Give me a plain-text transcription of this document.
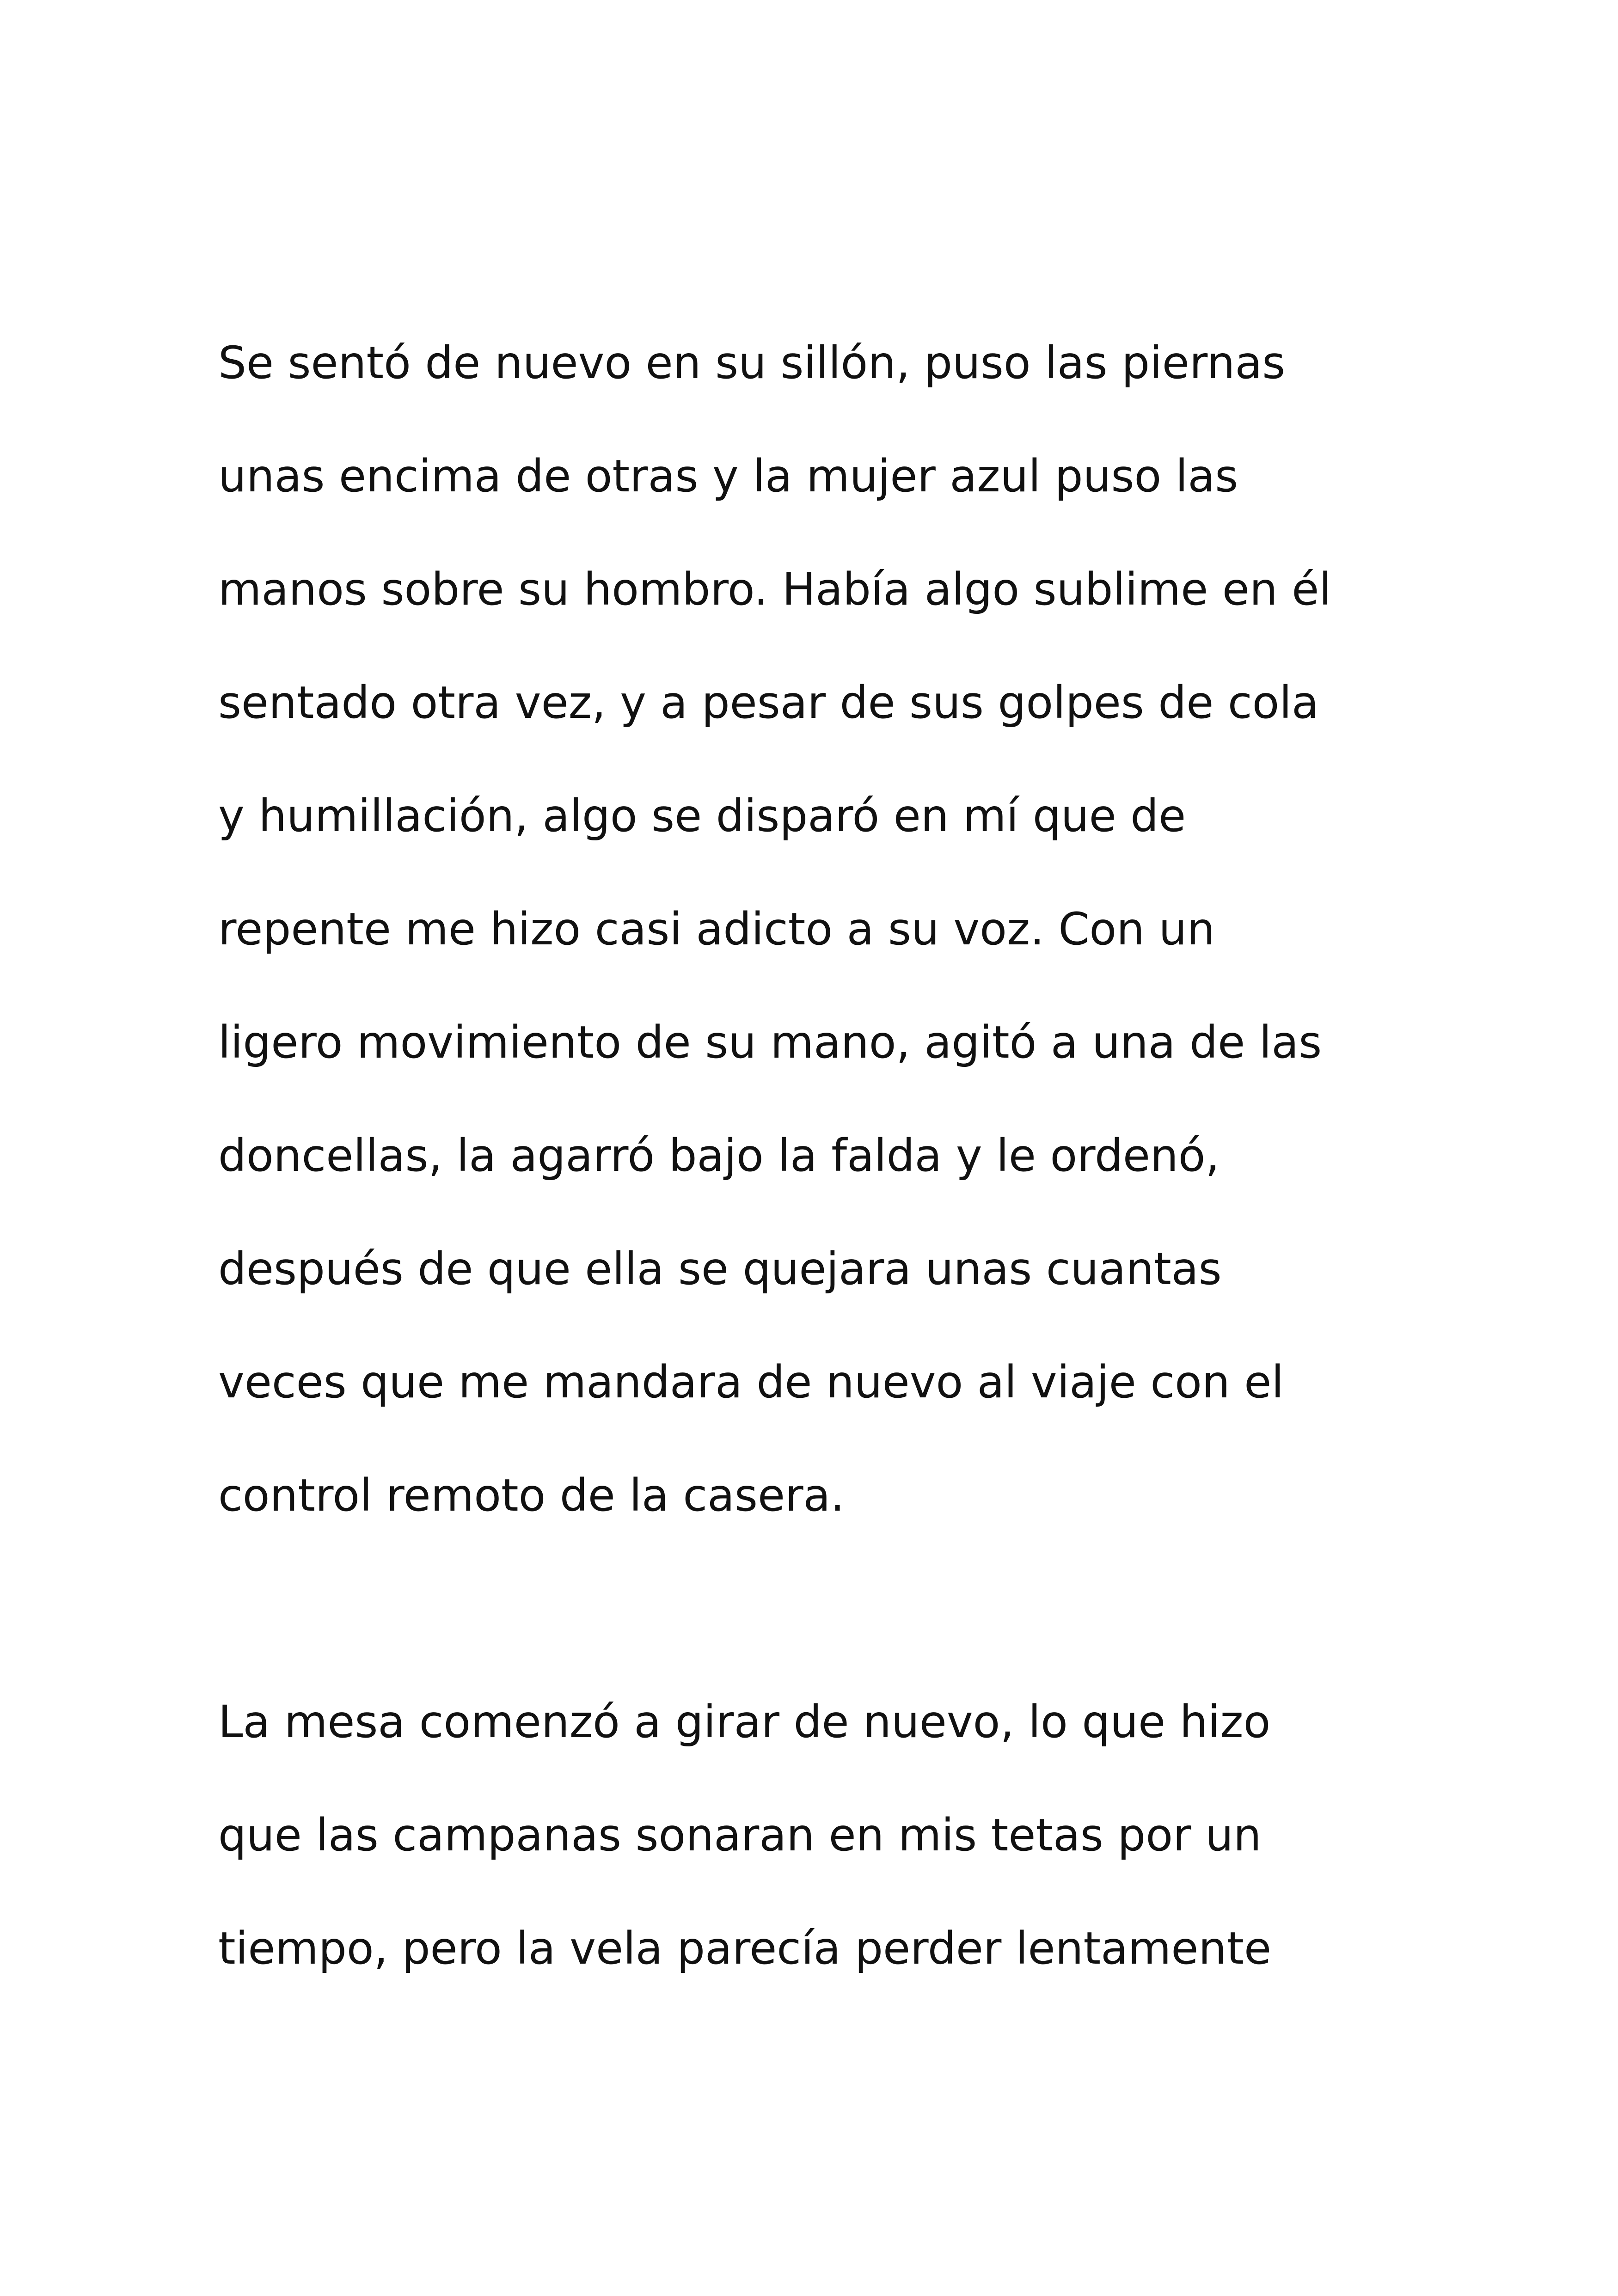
Se sentó de nuevo en su sillón, puso las piernas
unas encima de otras y la mujer azul puso las
manos sobre su hombro. Había algo sublime en él
sentado otra vez, y a pesar de sus golpes de cola
y humillación, algo se disparó en mí que de
repente me hizo casi adicto a su voz. Con un
ligero movimiento de su mano, agitó a una de las
doncellas, la agarró bajo la falda y le ordenó,
después de que ella se quejara unas cuantas
veces que me mandara de nuevo al viaje con el
control remoto de la casera.
La mesa comenzó a girar de nuevo, lo que hizo
que las campanas sonaran en mis tetas por un
tiempo, pero la vela parecía perder lentamente
